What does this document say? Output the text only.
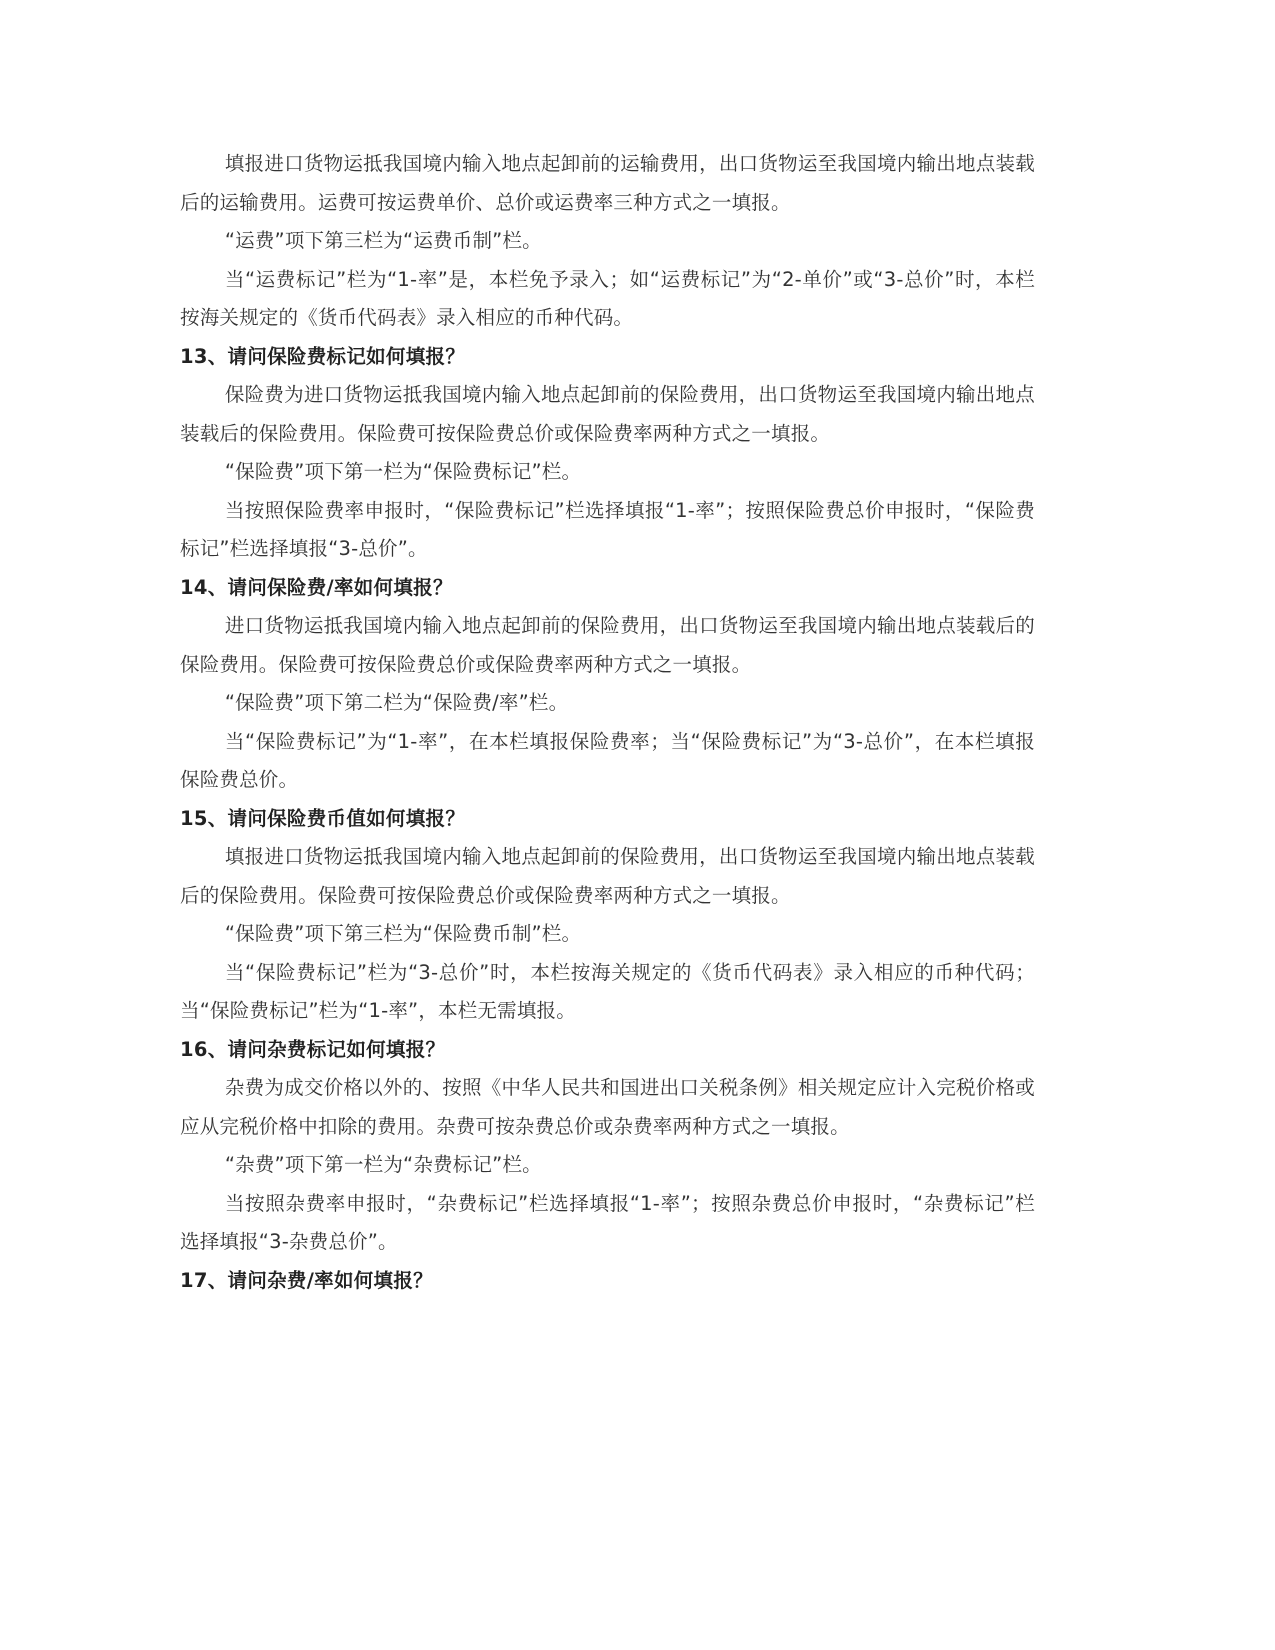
填报进口货物运抵我国境内输入地点起卸前的运输费用，出口货物运至我国境内输出地点装载后的运输费用。运费可按运费单价、总价或运费率三种方式之一填报。

“运费”项下第三栏为“运费币制”栏。

当“运费标记”栏为“1-率”是，本栏免予录入；如“运费标记”为“2-单价”或“3-总价”时，本栏按海关规定的《货币代码表》录入相应的币种代码。

13、请问保险费标记如何填报？

保险费为进口货物运抵我国境内输入地点起卸前的保险费用，出口货物运至我国境内输出地点装载后的保险费用。保险费可按保险费总价或保险费率两种方式之一填报。

“保险费”项下第一栏为“保险费标记”栏。

当按照保险费率申报时，“保险费标记”栏选择填报“1-率”；按照保险费总价申报时，“保险费标记”栏选择填报“3-总价”。

14、请问保险费/率如何填报？

进口货物运抵我国境内输入地点起卸前的保险费用，出口货物运至我国境内输出地点装载后的保险费用。保险费可按保险费总价或保险费率两种方式之一填报。

“保险费”项下第二栏为“保险费/率”栏。

当“保险费标记”为“1-率”，在本栏填报保险费率；当“保险费标记”为“3-总价”，在本栏填报保险费总价。

15、请问保险费币值如何填报？

填报进口货物运抵我国境内输入地点起卸前的保险费用，出口货物运至我国境内输出地点装载后的保险费用。保险费可按保险费总价或保险费率两种方式之一填报。

“保险费”项下第三栏为“保险费币制”栏。

当“保险费标记”栏为“3-总价”时，本栏按海关规定的《货币代码表》录入相应的币种代码；当“保险费标记”栏为“1-率”，本栏无需填报。

16、请问杂费标记如何填报？

杂费为成交价格以外的、按照《中华人民共和国进出口关税条例》相关规定应计入完税价格或应从完税价格中扣除的费用。杂费可按杂费总价或杂费率两种方式之一填报。

“杂费”项下第一栏为“杂费标记”栏。

当按照杂费率申报时，“杂费标记”栏选择填报“1-率”；按照杂费总价申报时，“杂费标记”栏选择填报“3-杂费总价”。

17、请问杂费/率如何填报？
